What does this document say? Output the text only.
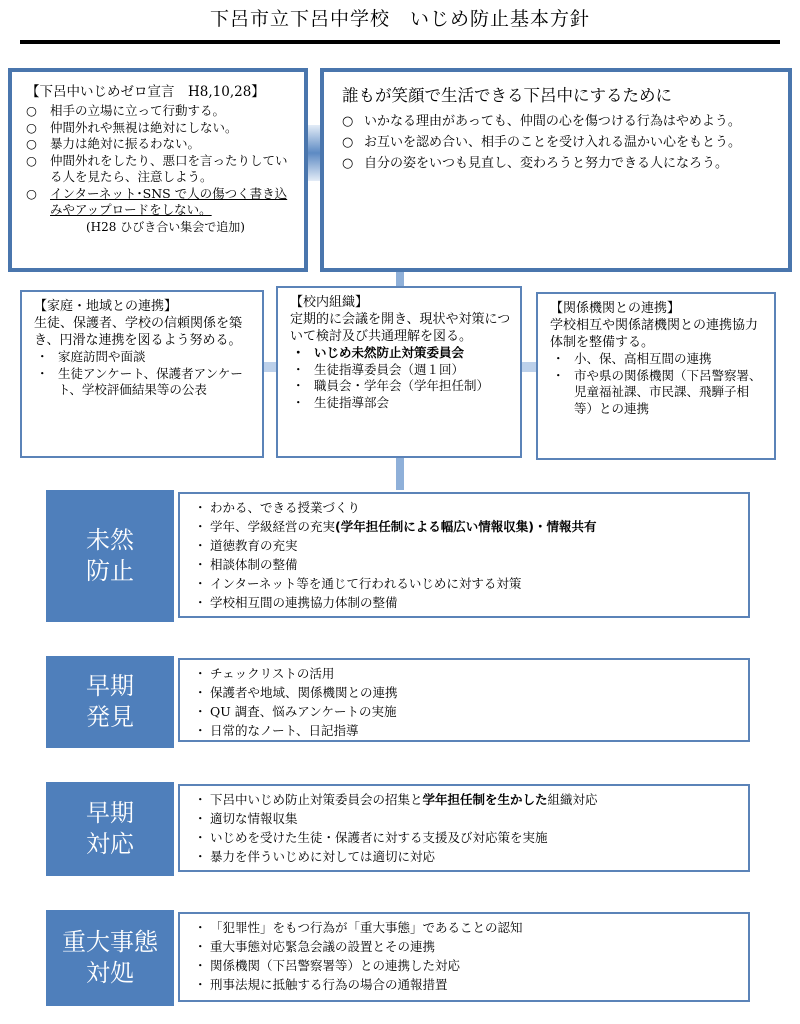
下呂市立下呂中学校　いじめ防止基本方針
【下呂中いじめゼロ宣言　H8,10,28】
○ 相手の立場に立って行動する。
○ 仲間外れや無視は絶対にしない。
○ 暴力は絶対に振るわない。
○ 仲間外れをしたり、悪口を言ったりしている人を見たら、注意しよう。
○ インターネット･SNS で人の傷つく書き込みやアップロードをしない。
(H28 ひびき合い集会で追加)
誰もが笑顔で生活できる下呂中にするために
○ いかなる理由があっても、仲間の心を傷つける行為はやめよう。
○ お互いを認め合い、相手のことを受け入れる温かい心をもとう。
○ 自分の姿をいつも見直し、変わろうと努力できる人になろう。
【家庭・地域との連携】
生徒、保護者、学校の信頼関係を築き、円滑な連携を図るよう努める。
・ 家庭訪問や面談
・ 生徒アンケート、保護者アンケート、学校評価結果等の公表
【校内組織】
定期的に会議を開き、現状や対策について検討及び共通理解を図る。
・ いじめ未然防止対策委員会
・ 生徒指導委員会（週１回）
・ 職員会・学年会（学年担任制）
・ 生徒指導部会
【関係機関との連携】
学校相互や関係諸機関との連携協力体制を整備する。
・ 小、保、高相互間の連携
・ 市や県の関係機関（下呂警察署、児童福祉課、市民課、飛騨子相等）との連携
未然
防止
・ わかる、できる授業づくり
・ 学年、学級経営の充実(学年担任制による幅広い情報収集)・情報共有
・ 道徳教育の充実
・ 相談体制の整備
・ インターネット等を通じて行われるいじめに対する対策
・ 学校相互間の連携協力体制の整備
早期
発見
・ チェックリストの活用
・ 保護者や地域、関係機関との連携
・ QU 調査、悩みアンケートの実施
・ 日常的なノート、日記指導
早期
対応
・ 下呂中いじめ防止対策委員会の招集と学年担任制を生かした組織対応
・ 適切な情報収集
・ いじめを受けた生徒・保護者に対する支援及び対応策を実施
・ 暴力を伴ういじめに対しては適切に対応
重大事態
対処
・ 「犯罪性」をもつ行為が「重大事態」であることの認知
・ 重大事態対応緊急会議の設置とその連携
・ 関係機関（下呂警察署等）との連携した対応
・ 刑事法規に抵触する行為の場合の通報措置
